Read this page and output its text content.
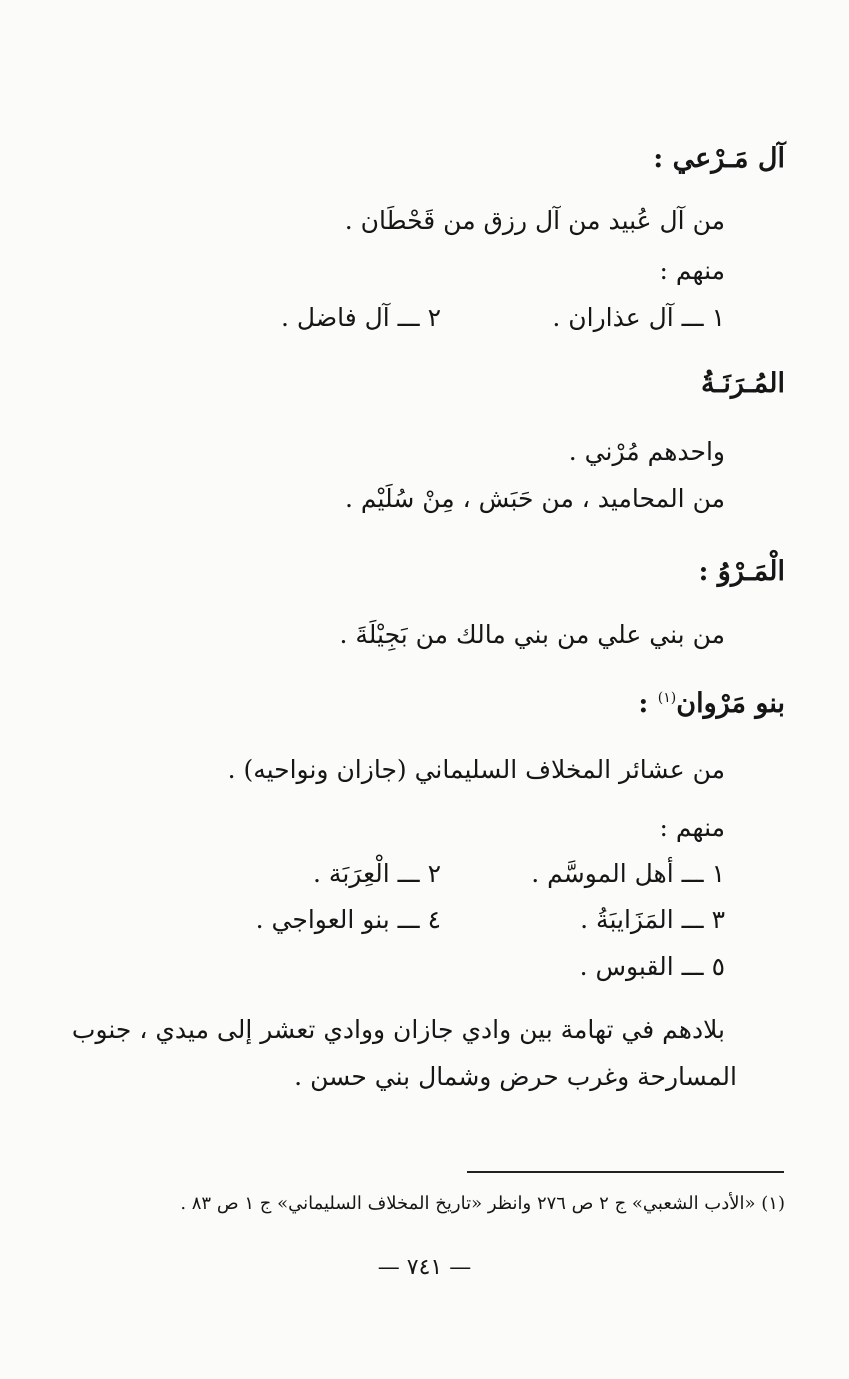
آل مَـرْعي :
من آل عُبيد من آل رزق من قَحْطَان .
منهم :
١ ـــ آل عذاران .
٢ ـــ آل فاضل .
المُـرَنَـةُ
واحدهم مُرْني .
من المحاميد ، من حَبَش ، مِنْ سُلَيْم .
الْمَـرْوُ :
من بني علي من بني مالك من بَجِيْلَةَ .
بنو مَرْوان$^{(١)}$ :
من عشائر المخلاف السليماني (جازان ونواحيه) .
منهم :
١ ـــ أهل الموسَّم .
٢ ـــ الْعِرَبَة .
٣ ـــ المَزَايبَةُ .
٤ ـــ بنو العواجي .
٥ ـــ القبوس .
بلادهم في تهامة بين وادي جازان ووادي تعشر إلى ميدي ، جنوب
المسارحة وغرب حرض وشمال بني حسن .
(١) «الأدب الشعبي» ج ٢ ص ٢٧٦ وانظر «تاريخ المخلاف السليماني» ج ١ ص ٨٣ .
— ٧٤١ —
